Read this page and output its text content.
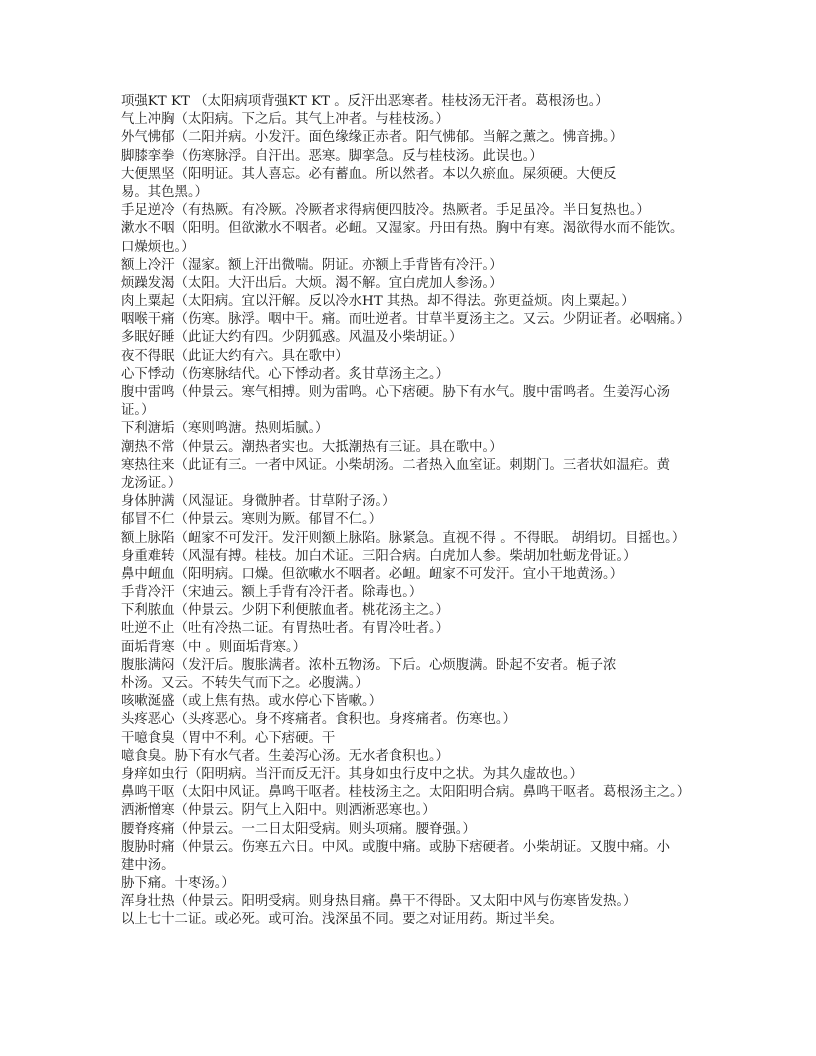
项强KT KT （太阳病项背强KT KT 。反汗出恶寒者。桂枝汤无汗者。葛根汤也。）
气上冲胸（太阳病。下之后。其气上冲者。与桂枝汤。）
外气怫郁（二阳并病。小发汗。面色缘缘正赤者。阳气怫郁。当解之薰之。怫音拂。）
脚膝挛拳（伤寒脉浮。自汗出。恶寒。脚挛急。反与桂枝汤。此误也。）
大便黑坚（阳明证。其人喜忘。必有蓄血。所以然者。本以久瘀血。屎须硬。大便反
易。其色黑。）
手足逆冷（有热厥。有冷厥。冷厥者求得病便四肢冷。热厥者。手足虽冷。半日复热也。）
漱水不咽（阳明。但欲漱水不咽者。必衄。又湿家。丹田有热。胸中有寒。渴欲得水而不能饮。
口燥烦也。）
额上冷汗（湿家。额上汗出微喘。阴证。亦额上手背皆有冷汗。）
烦躁发渴（太阳。大汗出后。大烦。渴不解。宜白虎加人参汤。）
肉上粟起（太阳病。宜以汗解。反以冷水HT 其热。却不得法。弥更益烦。肉上粟起。）
咽喉干痛（伤寒。脉浮。咽中干。痛。而吐逆者。甘草半夏汤主之。又云。少阴证者。必咽痛。）
多眠好睡（此证大约有四。少阴狐惑。风温及小柴胡证。）
夜不得眠（此证大约有六。具在歌中）
心下悸动（伤寒脉结代。心下悸动者。炙甘草汤主之。）
腹中雷鸣（仲景云。寒气相搏。则为雷鸣。心下痞硬。胁下有水气。腹中雷鸣者。生姜泻心汤
证。）
下利溏垢（寒则鸣溏。热则垢腻。）
潮热不常（仲景云。潮热者实也。大抵潮热有三证。具在歌中。）
寒热往来（此证有三。一者中风证。小柴胡汤。二者热入血室证。刺期门。三者状如温疟。黄
龙汤证。）
身体肿满（风湿证。身微肿者。甘草附子汤。）
郁冒不仁（仲景云。寒则为厥。郁冒不仁。）
额上脉陷（衄家不可发汗。发汗则额上脉陷。脉紧急。直视不得 。不得眠。 胡绢切。目摇也。）
身重难转（风湿有搏。桂枝。加白术证。三阳合病。白虎加人参。柴胡加牡蛎龙骨证。）
鼻中衄血（阳明病。口燥。但欲嗽水不咽者。必衄。衄家不可发汗。宜小干地黄汤。）
手背冷汗（宋迪云。额上手背有冷汗者。除毒也。）
下利脓血（仲景云。少阴下利便脓血者。桃花汤主之。）
吐逆不止（吐有冷热二证。有胃热吐者。有胃冷吐者。）
面垢背寒（中 。则面垢背寒。）
腹胀满闷（发汗后。腹胀满者。浓朴五物汤。下后。心烦腹满。卧起不安者。栀子浓
朴汤。又云。不转失气而下之。必腹满。）
咳嗽涎盛（或上焦有热。或水停心下皆嗽。）
头疼恶心（头疼恶心。身不疼痛者。食积也。身疼痛者。伤寒也。）
干噫食臭（胃中不利。心下痞硬。干
噫食臭。胁下有水气者。生姜泻心汤。无水者食积也。）
身痒如虫行（阳明病。当汗而反无汗。其身如虫行皮中之状。为其久虚故也。）
鼻鸣干呕（太阳中风证。鼻鸣干呕者。桂枝汤主之。太阳阳明合病。鼻鸣干呕者。葛根汤主之。）
洒淅憎寒（仲景云。阴气上入阳中。则洒淅恶寒也。）
腰脊疼痛（仲景云。一二日太阳受病。则头项痛。腰脊强。）
腹胁时痛（仲景云。伤寒五六日。中风。或腹中痛。或胁下痞硬者。小柴胡证。又腹中痛。小
建中汤。
胁下痛。十枣汤。）
浑身壮热（仲景云。阳明受病。则身热目痛。鼻干不得卧。又太阳中风与伤寒皆发热。）
以上七十二证。或必死。或可治。浅深虽不同。要之对证用药。斯过半矣。
